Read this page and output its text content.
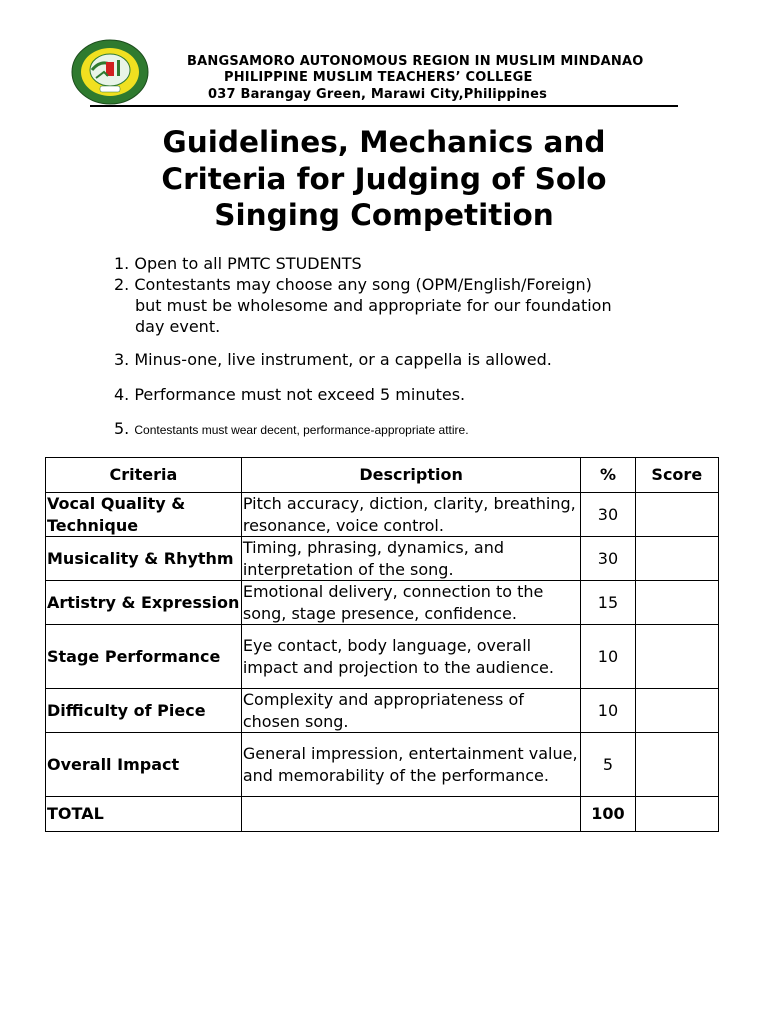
BANGSAMORO AUTONOMOUS REGION IN MUSLIM MINDANAO
PHILIPPINE MUSLIM TEACHERS’ COLLEGE
037 Barangay Green, Marawi City,Philippines
Guidelines, Mechanics and Criteria for Judging of Solo Singing Competition
1. Open to all PMTC STUDENTS
2. Contestants may choose any song (OPM/English/Foreign)
but must be wholesome and appropriate for our foundation
day event.
3. Minus-one, live instrument, or a cappella is allowed.
4. Performance must not exceed 5 minutes.
5. Contestants must wear decent, performance-appropriate attire.
Criteria	Description	%	Score
Vocal Quality & Technique	Pitch accuracy, diction, clarity, breathing, resonance, voice control.	30	
Musicality & Rhythm	Timing, phrasing, dynamics, and interpretation of the song.	30	
Artistry & Expression	Emotional delivery, connection to the song, stage presence, confidence.	15	
Stage Performance	Eye contact, body language, overall impact and projection to the audience.	10	
Difficulty of Piece	Complexity and appropriateness of chosen song.	10	
Overall Impact	General impression, entertainment value, and memorability of the performance.	5	
TOTAL		100	
